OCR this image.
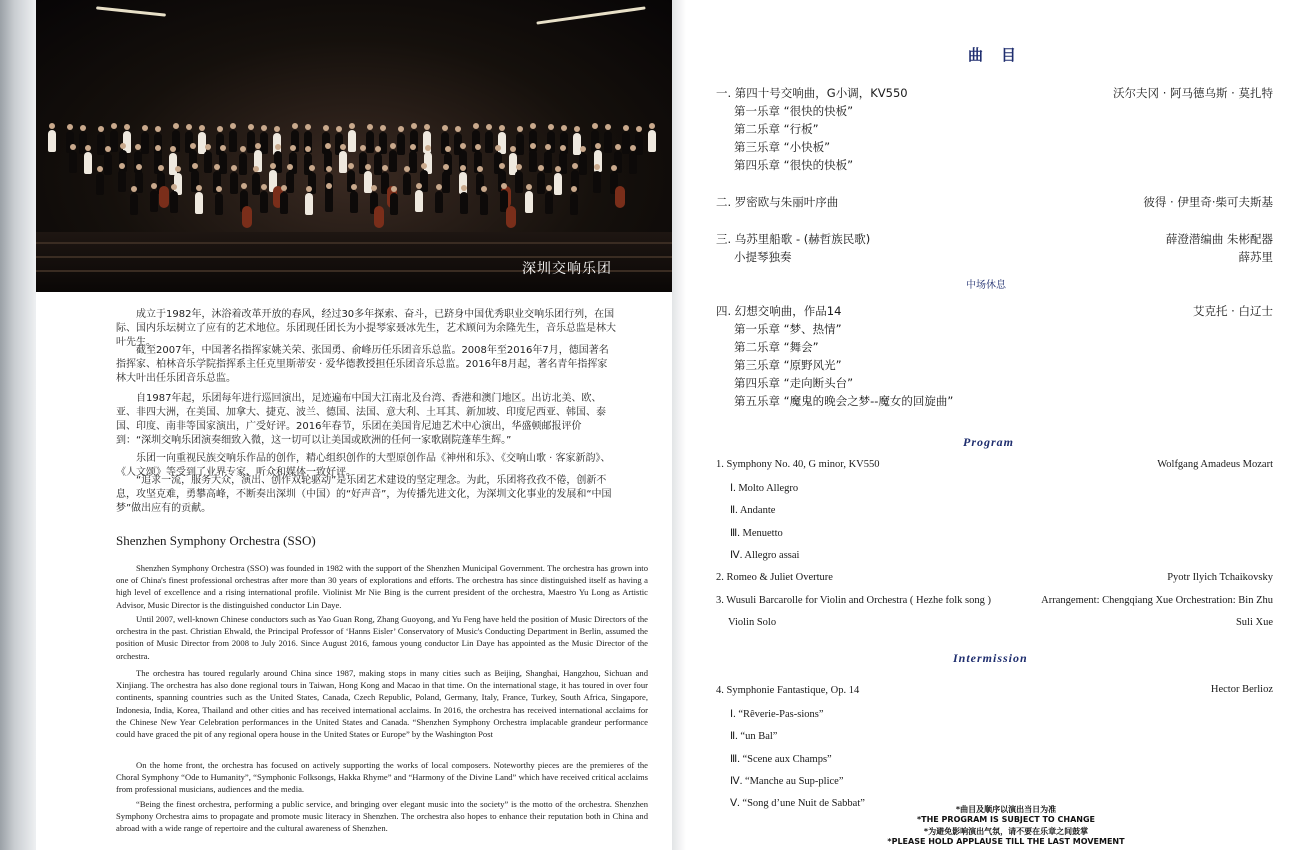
深圳交响乐团

成立于1982年，沐浴着改革开放的春风，经过30多年探索、奋斗，已跻身中国优秀职业交响乐团行列，在国际、国内乐坛树立了应有的艺术地位。乐团现任团长为小提琴家聂冰先生，艺术顾问为余隆先生，音乐总监是林大叶先生。

截至2007年，中国著名指挥家姚关荣、张国勇、俞峰历任乐团音乐总监。2008年至2016年7月，德国著名指挥家、柏林音乐学院指挥系主任克里斯蒂安 · 爱华德教授担任乐团音乐总监。2016年8月起，著名青年指挥家林大叶出任乐团音乐总监。

自1987年起，乐团每年进行巡回演出，足迹遍布中国大江南北及台湾、香港和澳门地区。出访北美、欧、亚、非四大洲，在美国、加拿大、捷克、波兰、德国、法国、意大利、土耳其、新加坡、印度尼西亚、韩国、泰国、印度、南非等国家演出，广受好评。2016年春节，乐团在美国肯尼迪艺术中心演出，华盛顿邮报评价到：“深圳交响乐团演奏细致入微，这一切可以让美国或欧洲的任何一家歌剧院蓬荜生辉。”

乐团一向重视民族交响乐作品的创作，精心组织创作的大型原创作品《神州和乐》、《交响山歌 · 客家新韵》、《人文颂》等受到了业界专家、听众和媒体一致好评。

“追求一流，服务大众，演出、创作双轮驱动”是乐团艺术建设的坚定理念。为此，乐团将孜孜不倦，创新不息，攻坚克难，勇攀高峰，不断奏出深圳（中国）的“好声音”，为传播先进文化，为深圳文化事业的发展和“中国梦”做出应有的贡献。

Shenzhen Symphony Orchestra (SSO)

Shenzhen Symphony Orchestra (SSO) was founded in 1982 with the support of the Shenzhen Municipal Government. The orchestra has grown into one of China's finest professional orchestras after more than 30 years of explorations and efforts. The orchestra has since distinguished itself as having a high level of excellence and a rising international profile. Violinist Mr Nie Bing is the current president of the orchestra, Maestro Yu Long as Artistic Advisor, Music Director is the distinguished conductor Lin Daye.

Until 2007, well-known Chinese conductors such as Yao Guan Rong, Zhang Guoyong, and Yu Feng have held the position of Music Directors of the orchestra in the past. Christian Ehwald, the Principal Professor of ‘Hanns Eisler’ Conservatory of Music's Conducting Department in Berlin, assumed the position of Music Director from 2008 to July 2016. Since August 2016, famous young conductor Lin Daye has appointed as the Music Director of the orchestra.

The orchestra has toured regularly around China since 1987, making stops in many cities such as Beijing, Shanghai, Hangzhou, Sichuan and Xinjiang. The orchestra has also done regional tours in Taiwan, Hong Kong and Macao in that time. On the international stage, it has toured in over four continents, spanning countries such as the United States, Canada, Czech Republic, Poland, Germany, Italy, France, Turkey, South Africa, Singapore, Indonesia, India, Korea, Thailand and other cities and has received international acclaims. In 2016, the orchestra has received international acclaims for the Chinese New Year Celebration performances in the United States and Canada. “Shenzhen Symphony Orchestra implacable grandeur performance could have graced the pit of any regional opera house in the United States or Europe” by the Washington Post

On the home front, the orchestra has focused on actively supporting the works of local composers. Noteworthy pieces are the premieres of the Choral Symphony “Ode to Humanity”, “Symphonic Folksongs, Hakka Rhyme” and “Harmony of the Divine Land” which have received critical acclaims from professional musicians, audiences and the media.

“Being the finest orchestra, performing a public service, and bringing over elegant music into the society” is the motto of the orchestra. Shenzhen Symphony Orchestra aims to propagate and promote music literacy in Shenzhen. The orchestra also hopes to enhance their reputation both in China and abroad with a wide range of repertoire and the cultural awareness of Shenzhen.

曲目
一. 第四十号交响曲，G小调，KV550	沃尔夫冈 · 阿马德乌斯 · 莫扎特
第一乐章 “很快的快板”
第二乐章 “行板”
第三乐章 “小快板”
第四乐章 “很快的快板”
二. 罗密欧与朱丽叶序曲	彼得 · 伊里奇·柴可夫斯基
三. 乌苏里船歌 - (赫哲族民歌)	薛澄潜编曲 朱彬配器
小提琴独奏	薛苏里
中场休息
四. 幻想交响曲，作品14	艾克托 · 白辽士
第一乐章 “梦、热情”
第二乐章 “舞会”
第三乐章 “原野风光”
第四乐章 “走向断头台”
第五乐章 “魔鬼的晚会之梦--魔女的回旋曲”
Program
1. Symphony No. 40, G minor, KV550	Wolfgang Amadeus Mozart
Ⅰ. Molto Allegro
Ⅱ. Andante
Ⅲ. Menuetto
Ⅳ. Allegro assai
2. Romeo & Juliet Overture	Pyotr Ilyich Tchaikovsky
3. Wusuli Barcarolle for Violin and Orchestra ( Hezhe folk song )	Arrangement: Chengqiang Xue Orchestration: Bin Zhu
Violin Solo	Suli Xue
Intermission
4. Symphonie Fantastique, Op. 14	Hector Berlioz
Ⅰ. “Rêverie-Pas-sions”
Ⅱ. “un Bal”
Ⅲ. “Scene aux Champs”
Ⅳ. “Manche au Sup-plice”
Ⅴ. “Song d’une Nuit de Sabbat”
*曲目及顺序以演出当日为准
*THE PROGRAM IS SUBJECT TO CHANGE
*为避免影响演出气氛，请不要在乐章之间鼓掌
*PLEASE HOLD APPLAUSE TILL THE LAST MOVEMENT
